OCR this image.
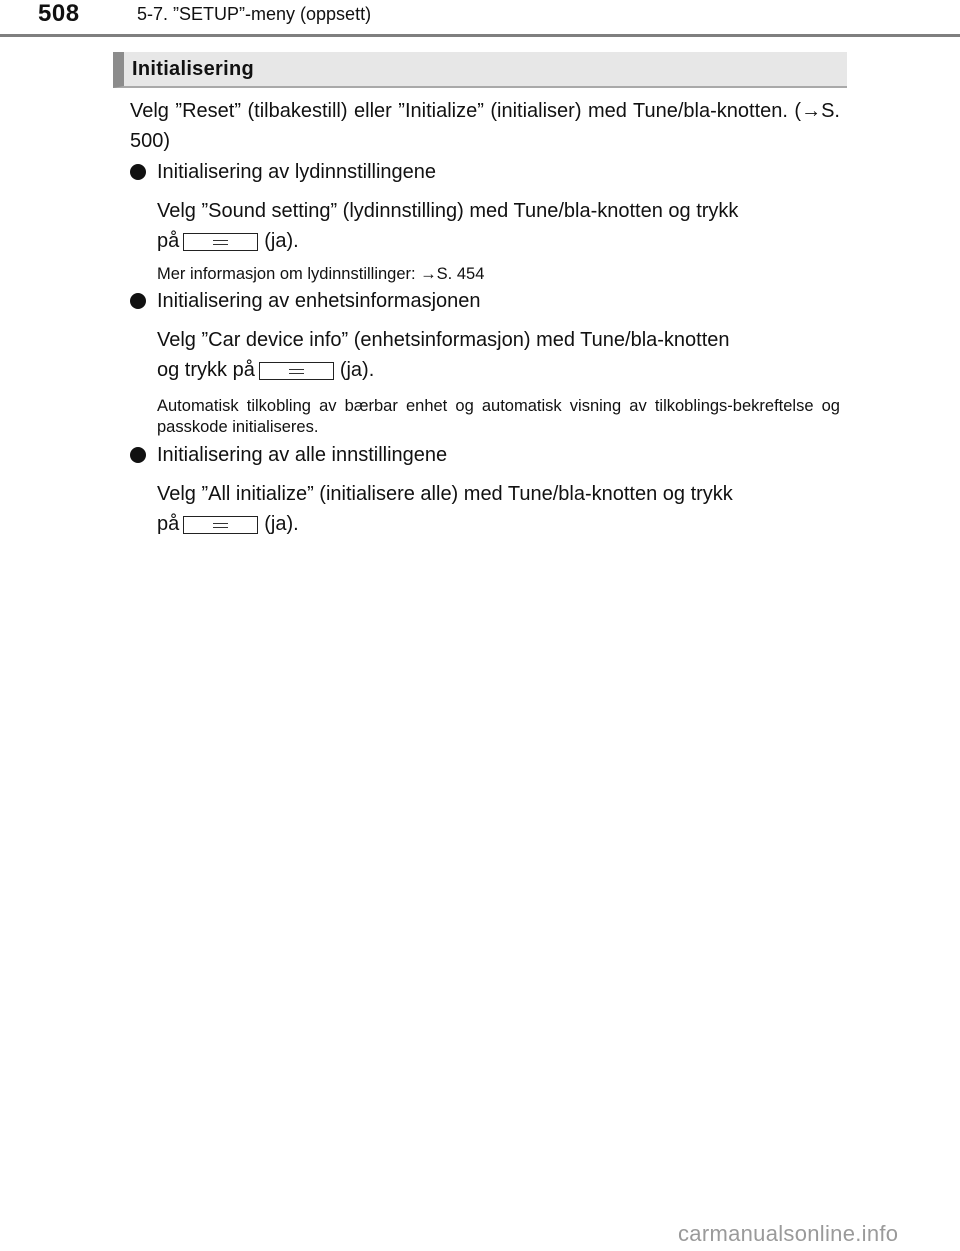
508	5-7. ”SETUP”-meny (oppsett)
Initialisering
Velg ”Reset” (tilbakestill) eller ”Initialize” (initialiser) med Tune/bla-knotten. (→S. 500)
Initialisering av lydinnstillingene
Velg ”Sound setting” (lydinnstilling) med Tune/bla-knotten og trykk
på	(ja).
Mer informasjon om lydinnstillinger: →S. 454
Initialisering av enhetsinformasjonen
Velg ”Car device info” (enhetsinformasjon) med Tune/bla-knotten
og trykk på	(ja).
Automatisk tilkobling av bærbar enhet og automatisk visning av tilkoblings-bekreftelse og passkode initialiseres.
Initialisering av alle innstillingene
Velg ”All initialize” (initialisere alle) med Tune/bla-knotten og trykk
på	(ja).
carmanualsonline.info
